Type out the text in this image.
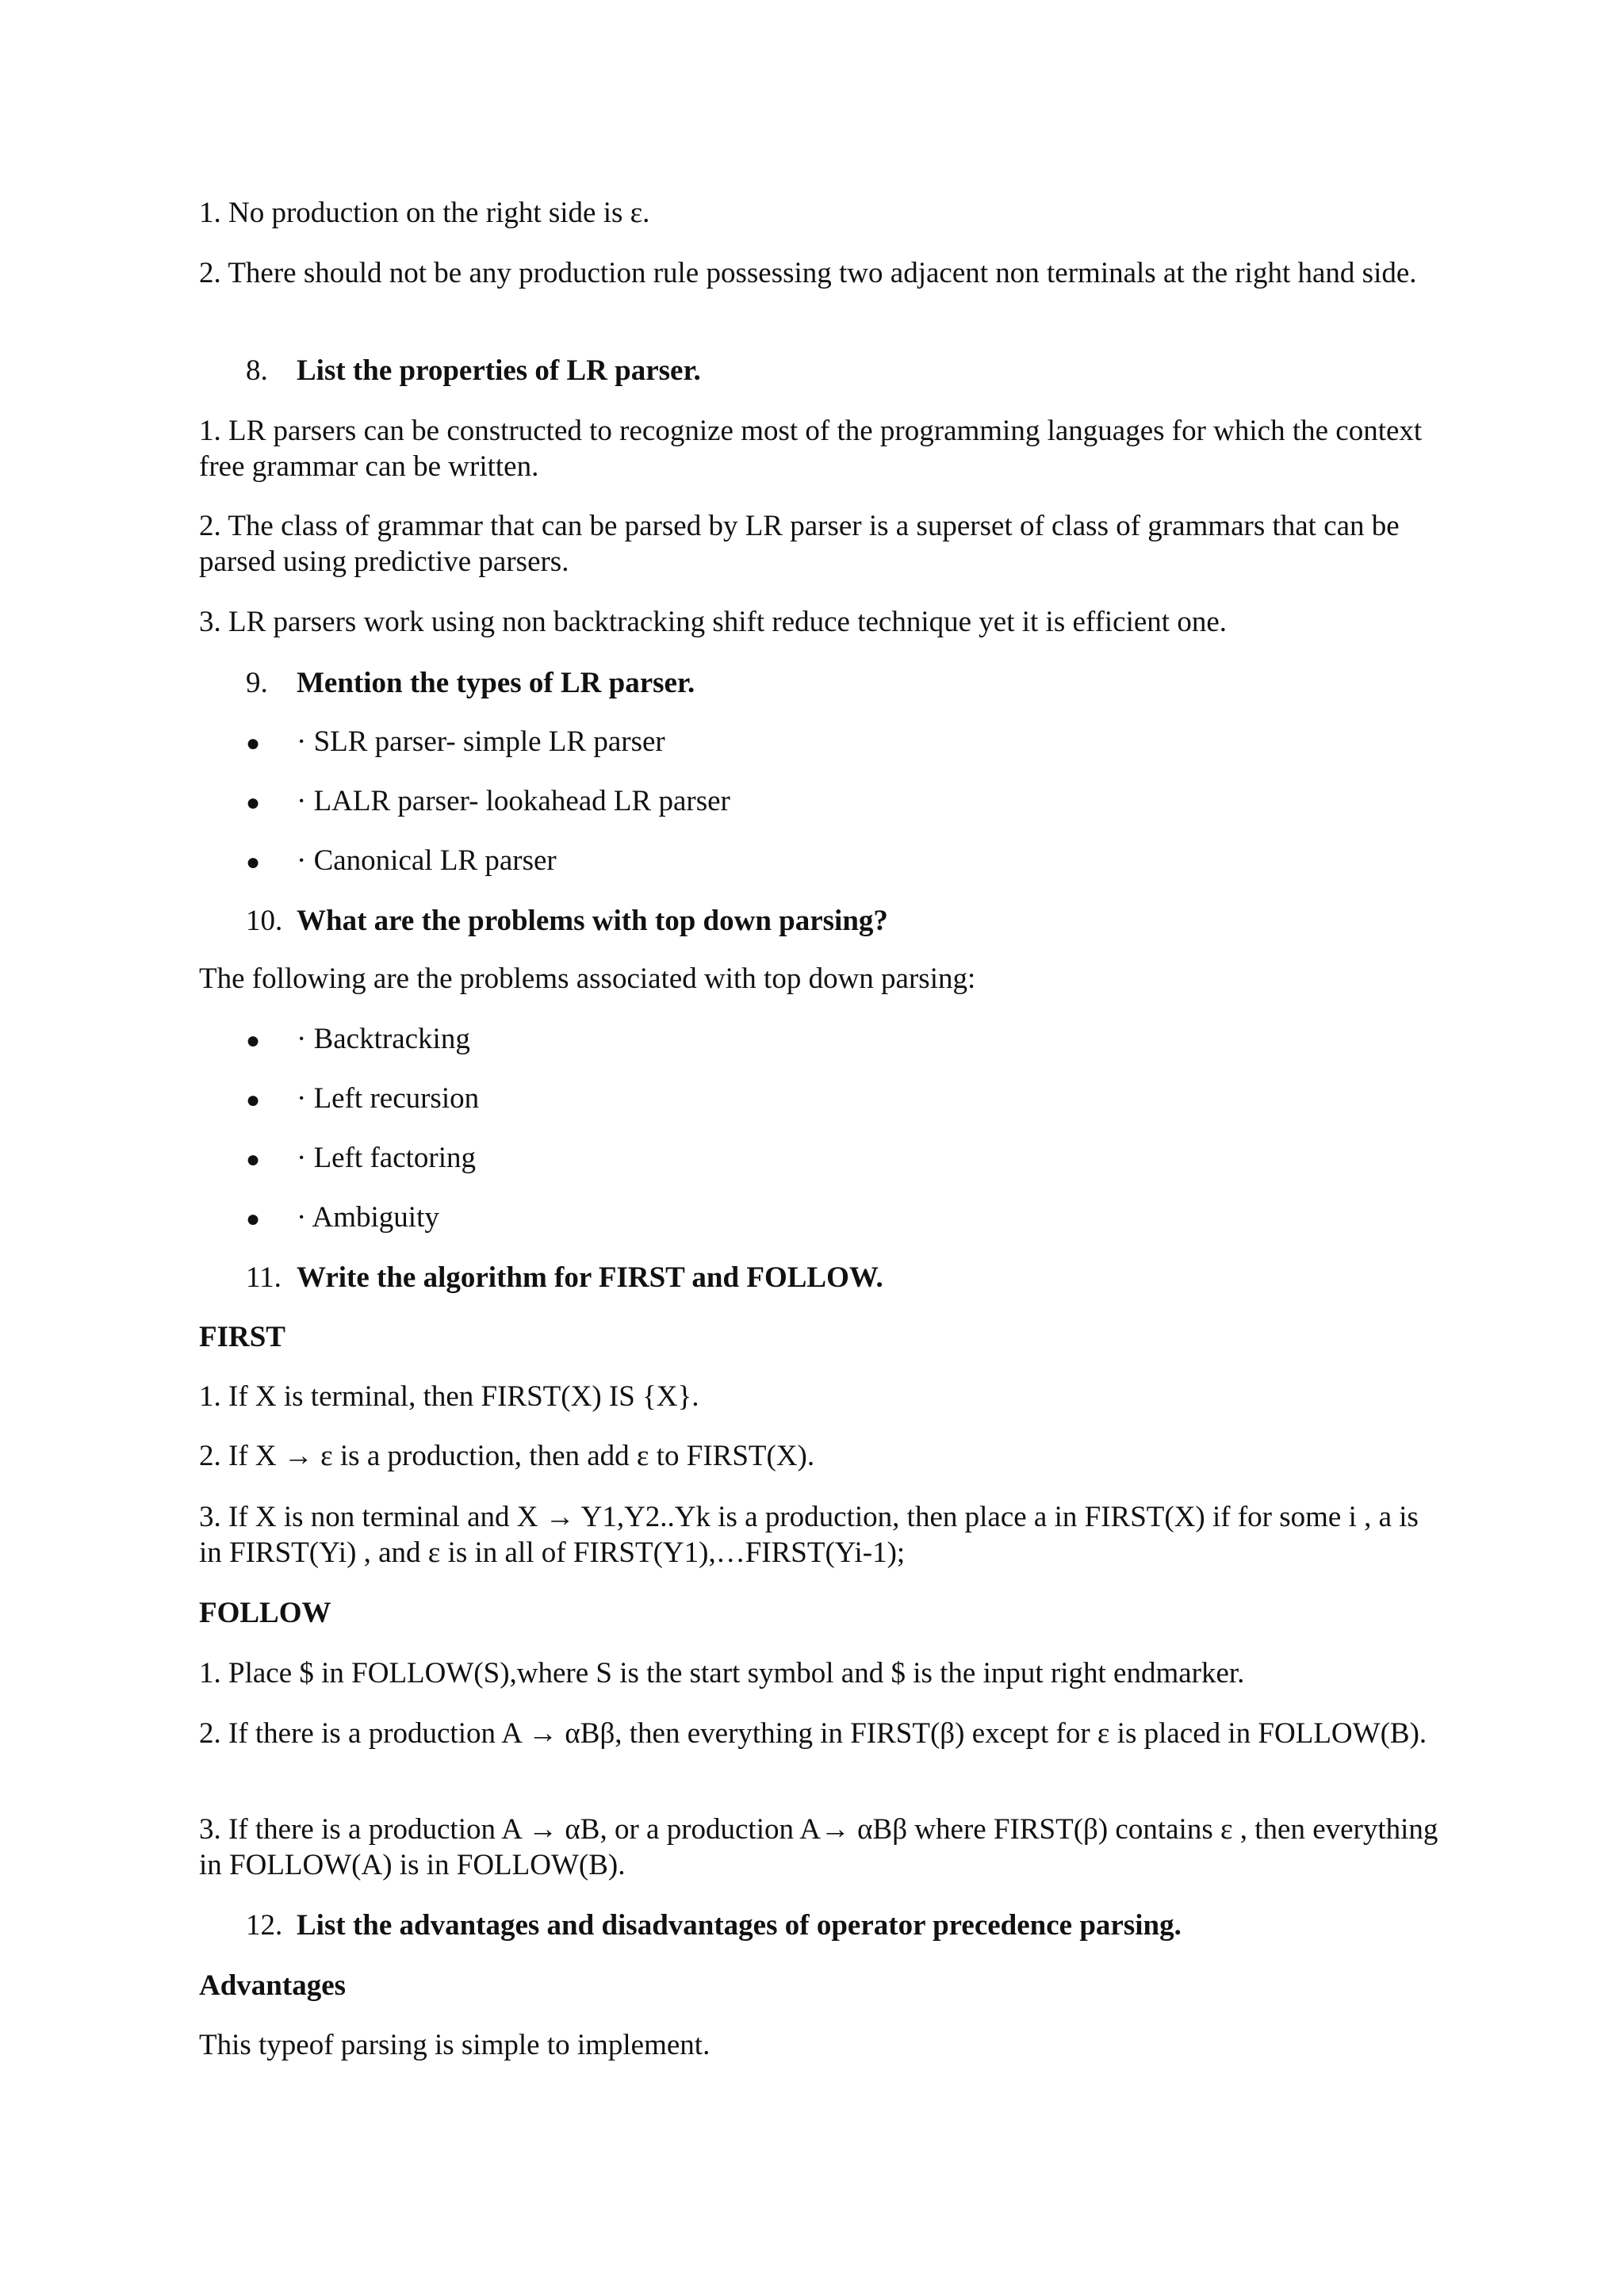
1. No production on the right side is ε.

2. There should not be any production rule possessing two adjacent non terminals at the right hand side.

8. List the properties of LR parser.

1. LR parsers can be constructed to recognize most of the programming languages for which the context free grammar can be written.

2. The class of grammar that can be parsed by LR parser is a superset of class of grammars that can be parsed using predictive parsers.

3. LR parsers work using non backtracking shift reduce technique yet it is efficient one.

9. Mention the types of LR parser.
● · SLR parser- simple LR parser
● · LALR parser- lookahead LR parser
● · Canonical LR parser
10. What are the problems with top down parsing?

The following are the problems associated with top down parsing:

● · Backtracking
● · Left recursion
● · Left factoring
● · Ambiguity
11. Write the algorithm for FIRST and FOLLOW.

FIRST

1. If X is terminal, then FIRST(X) IS {X}.

2. If X → ε is a production, then add ε to FIRST(X).

3. If X is non terminal and X → Y1,Y2..Yk is a production, then place a in FIRST(X) if for some i , a is in FIRST(Yi) , and ε is in all of FIRST(Y1),…FIRST(Yi-1);

FOLLOW

1. Place $ in FOLLOW(S),where S is the start symbol and $ is the input right endmarker.

2. If there is a production A → αBβ, then everything in FIRST(β) except for ε is placed in FOLLOW(B).

3. If there is a production A → αB, or a production A→ αBβ where FIRST(β) contains ε , then everything in FOLLOW(A) is in FOLLOW(B).

12. List the advantages and disadvantages of operator precedence parsing.

Advantages

This typeof parsing is simple to implement.
